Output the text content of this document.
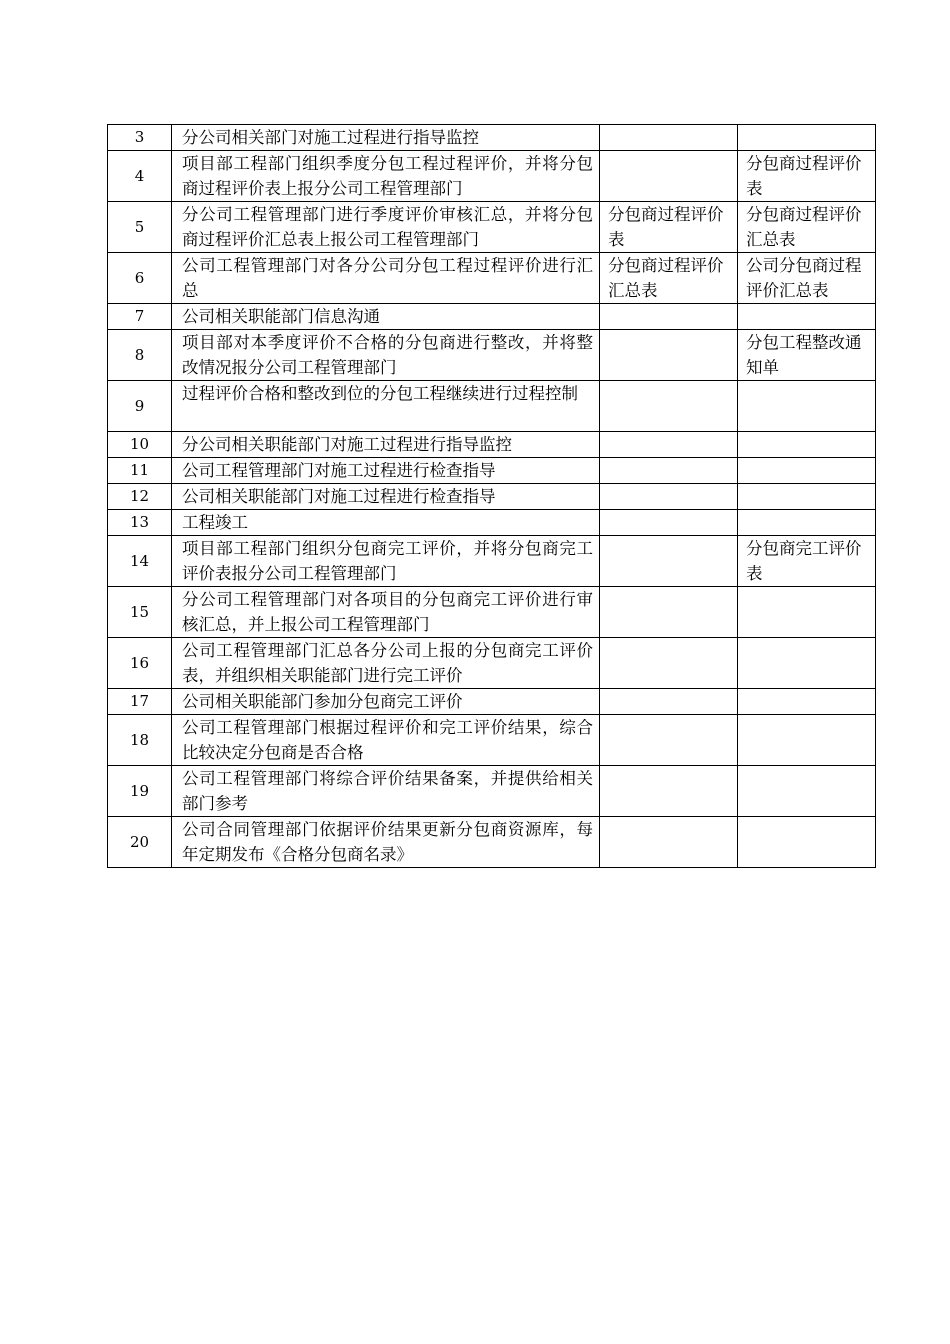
3	分公司相关部门对施工过程进行指导监控		
4	项目部工程部门组织季度分包工程过程评价，并将分包商过程评价表上报分公司工程管理部门		分包商过程评价表
5	分公司工程管理部门进行季度评价审核汇总，并将分包商过程评价汇总表上报公司工程管理部门	分包商过程评价表	分包商过程评价汇总表
6	公司工程管理部门对各分公司分包工程过程评价进行汇总	分包商过程评价汇总表	公司分包商过程评价汇总表
7	公司相关职能部门信息沟通		
8	项目部对本季度评价不合格的分包商进行整改，并将整改情况报分公司工程管理部门		分包工程整改通知单
9	过程评价合格和整改到位的分包工程继续进行过程控制		
10	分公司相关职能部门对施工过程进行指导监控		
11	公司工程管理部门对施工过程进行检查指导		
12	公司相关职能部门对施工过程进行检查指导		
13	工程竣工		
14	项目部工程部门组织分包商完工评价，并将分包商完工评价表报分公司工程管理部门		分包商完工评价表
15	分公司工程管理部门对各项目的分包商完工评价进行审核汇总，并上报公司工程管理部门		
16	公司工程管理部门汇总各分公司上报的分包商完工评价表，并组织相关职能部门进行完工评价		
17	公司相关职能部门参加分包商完工评价		
18	公司工程管理部门根据过程评价和完工评价结果，综合比较决定分包商是否合格		
19	公司工程管理部门将综合评价结果备案，并提供给相关部门参考		
20	公司合同管理部门依据评价结果更新分包商资源库，每年定期发布《合格分包商名录》		
